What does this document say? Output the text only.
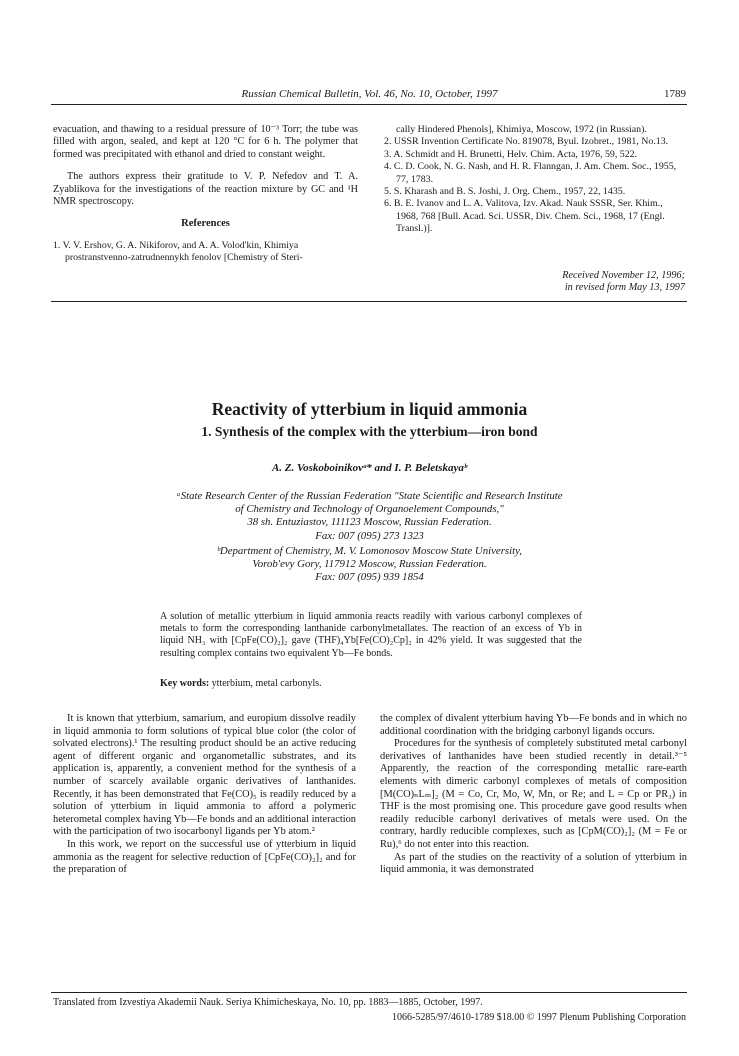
Russian Chemical Bulletin, Vol. 46, No. 10, October, 1997	1789

evacuation, and thawing to a residual pressure of 10⁻³ Torr; the tube was filled with argon, sealed, and kept at 120 °C for 6 h. The polymer that formed was precipitated with ethanol and dried to constant weight.

The authors express their gratitude to V. P. Nefedov and T. A. Zyablikova for the investigations of the reaction mixture by GC and ¹H NMR spectroscopy.

References

1. V. V. Ershov, G. A. Nikiforov, and A. A. Volod'kin, Khimiya prostranstvenno-zatrudnennykh fenolov [Chemistry of Steri-

cally Hindered Phenols], Khimiya, Moscow, 1972 (in Russian).

2. USSR Invention Certificate No. 819078, Byul. Izobret., 1981, No.13.

3. A. Schmidt and H. Brunetti, Helv. Chim. Acta, 1976, 59, 522.

4. C. D. Cook, N. G. Nash, and H. R. Flanngan, J. Am. Chem. Soc., 1955, 77, 1783.

5. S. Kharash and B. S. Joshi, J. Org. Chem., 1957, 22, 1435.

6. B. E. Ivanov and L. A. Valitova, Izv. Akad. Nauk SSSR, Ser. Khim., 1968, 768 [Bull. Acad. Sci. USSR, Div. Chem. Sci., 1968, 17 (Engl. Transl.)].

Received November 12, 1996;
in revised form May 13, 1997
Reactivity of ytterbium in liquid ammonia
1. Synthesis of the complex with the ytterbium—iron bond
A. Z. Voskoboinikovᵃ* and I. P. Beletskayaᵇ
ᵃState Research Center of the Russian Federation "State Scientific and Research Institute
of Chemistry and Technology of Organoelement Compounds,"
38 sh. Entuziastov, 111123 Moscow, Russian Federation.
Fax: 007 (095) 273 1323
ᵇDepartment of Chemistry, M. V. Lomonosov Moscow State University,
Vorob'evy Gory, 117912 Moscow, Russian Federation.
Fax: 007 (095) 939 1854
A solution of metallic ytterbium in liquid ammonia reacts readily with various carbonyl complexes of metals to form the corresponding lanthanide carbonylmetallates. The reaction of an excess of Yb in liquid NH₃ with [CpFe(CO)₂]₂ gave (THF)₄Yb[Fe(CO)₂Cp]₂ in 42% yield. It was suggested that the resulting complex contains two equivalent Yb—Fe bonds.
Key words: ytterbium, metal carbonyls.

It is known that ytterbium, samarium, and europium dissolve readily in liquid ammonia to form solutions of typical blue color (the color of solvated electrons).¹ The resulting product should be an active reducing agent of different organic and organometallic substrates, and its application is, apparently, a convenient method for the synthesis of a number of scarcely available organic derivatives of lanthanides. Recently, it has been demonstrated that Fe(CO)₅ is readily reduced by a solution of ytterbium in liquid ammonia to afford a polymeric heterometal complex having Yb—Fe bonds and an additional interaction with the participation of two isocarbonyl ligands per Yb atom.²

In this work, we report on the successful use of ytterbium in liquid ammonia as the reagent for selective reduction of [CpFe(CO)₂]₂ and for the preparation of

the complex of divalent ytterbium having Yb—Fe bonds and in which no additional coordination with the bridging carbonyl ligands occurs.

Procedures for the synthesis of completely substituted metal carbonyl derivatives of lanthanides have been studied recently in detail.³⁻⁵ Apparently, the reaction of the corresponding metallic rare-earth elements with dimeric carbonyl complexes of metals of composition [M(CO)ₙLₘ]₂ (M = Co, Cr, Mo, W, Mn, or Re; and L = Cp or PR₃) in THF is the most promising one. This procedure gave good results when readily reducible carbonyl derivatives of metals were used. On the contrary, hardly reducible complexes, such as [CpM(CO)₂]₂ (M = Fe or Ru),⁶ do not enter into this reaction.

As part of the studies on the reactivity of a solution of ytterbium in liquid ammonia, it was demonstrated

Translated from Izvestiya Akademii Nauk. Seriya Khimicheskaya, No. 10, pp. 1883—1885, October, 1997.
1066-5285/97/4610-1789 $18.00 © 1997 Plenum Publishing Corporation
